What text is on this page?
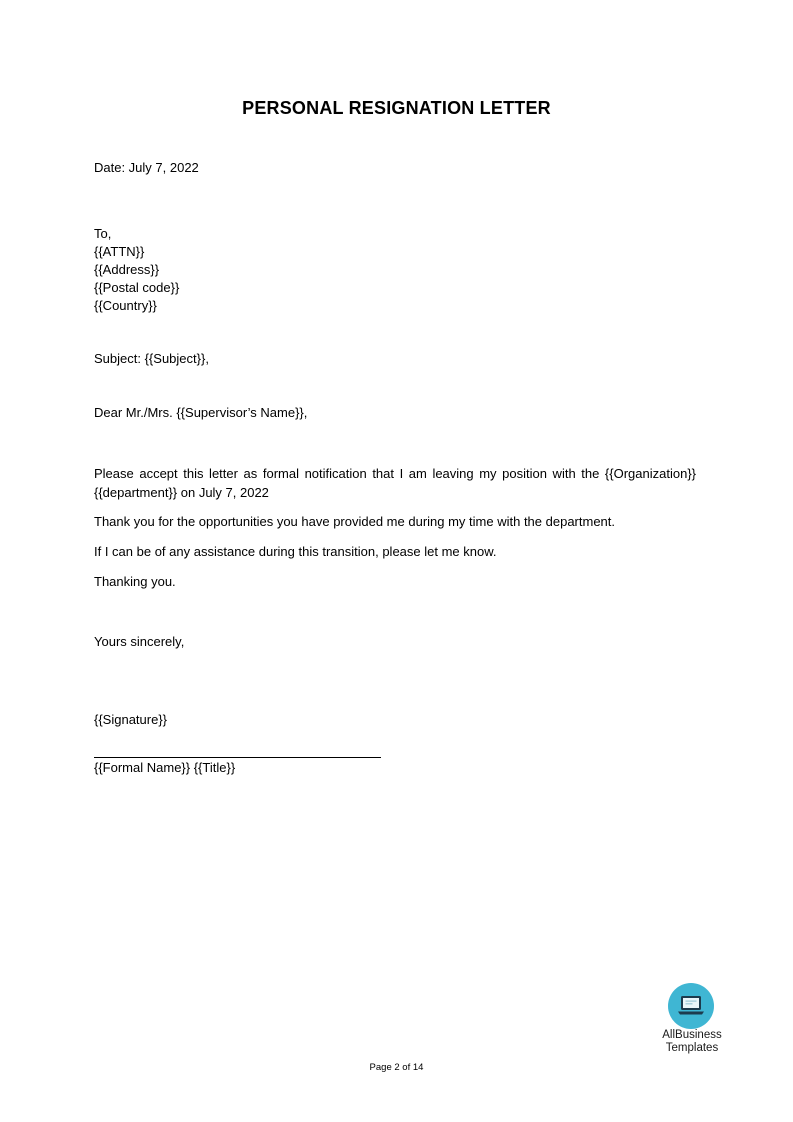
PERSONAL RESIGNATION LETTER
Date: July 7, 2022
To,
{{ATTN}}
{{Address}}
{{Postal code}}
{{Country}}
Subject: {{Subject}},
Dear Mr./Mrs. {{Supervisor’s Name}},
Please accept this letter as formal notification that I am leaving my position with the {{Organization}} {{department}} on July 7, 2022
Thank you for the opportunities you have provided me during my time with the department.
If I can be of any assistance during this transition, please let me know.
Thanking you.
Yours sincerely,
{{Signature}}
{{Formal Name}} {{Title}}
AllBusiness
Templates
Page 2 of 14
